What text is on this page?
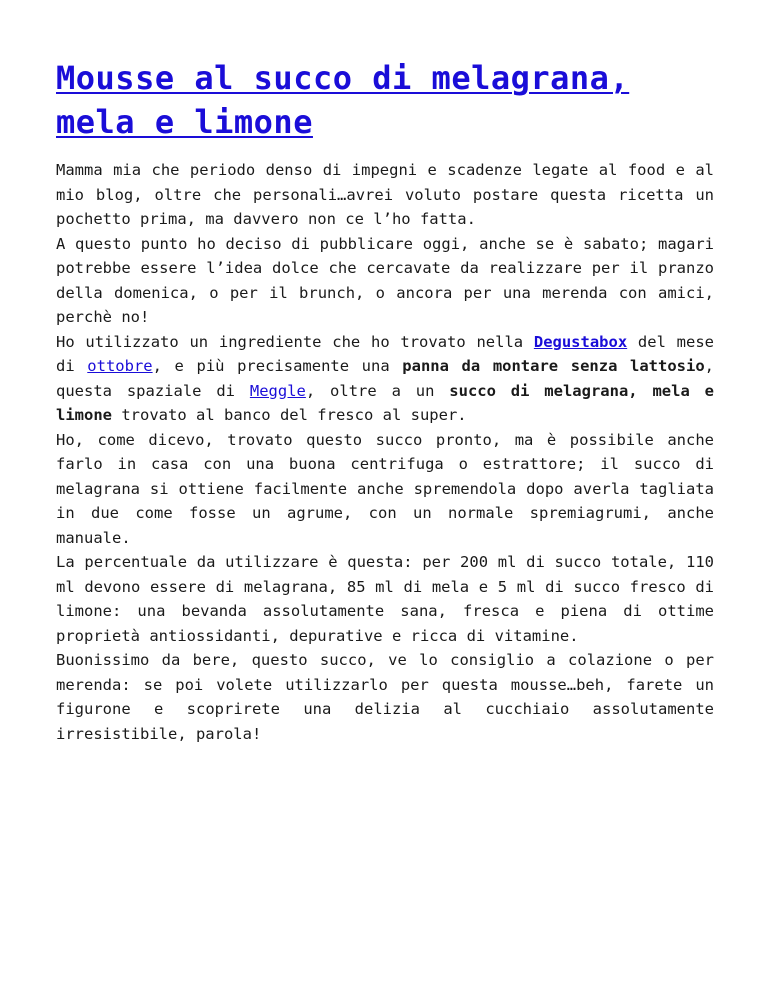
Mousse al succo di melagrana, mela e limone

Mamma mia che periodo denso di impegni e scadenze legate al food e al mio blog, oltre che personali…avrei voluto postare questa ricetta un pochetto prima, ma davvero non ce l’ho fatta.

A questo punto ho deciso di pubblicare oggi, anche se è sabato; magari potrebbe essere l’idea dolce che cercavate da realizzare per il pranzo della domenica, o per il brunch, o ancora per una merenda con amici, perchè no!

Ho utilizzato un ingrediente che ho trovato nella Degustabox del mese di ottobre, e più precisamente una panna da montare senza lattosio, questa spaziale di Meggle, oltre a un succo di melagrana, mela e limone trovato al banco del fresco al super.

Ho, come dicevo, trovato questo succo pronto, ma è possibile anche farlo in casa con una buona centrifuga o estrattore; il succo di melagrana si ottiene facilmente anche spremendola dopo averla tagliata in due come fosse un agrume, con un normale spremiagrumi, anche manuale.

La percentuale da utilizzare è questa: per 200 ml di succo totale, 110 ml devono essere di melagrana, 85 ml di mela e 5 ml di succo fresco di limone: una bevanda assolutamente sana, fresca e piena di ottime proprietà antiossidanti, depurative e ricca di vitamine.

Buonissimo da bere, questo succo, ve lo consiglio a colazione o per merenda: se poi volete utilizzarlo per questa mousse…beh, farete un figurone e scoprirete una delizia al cucchiaio assolutamente irresistibile, parola!
